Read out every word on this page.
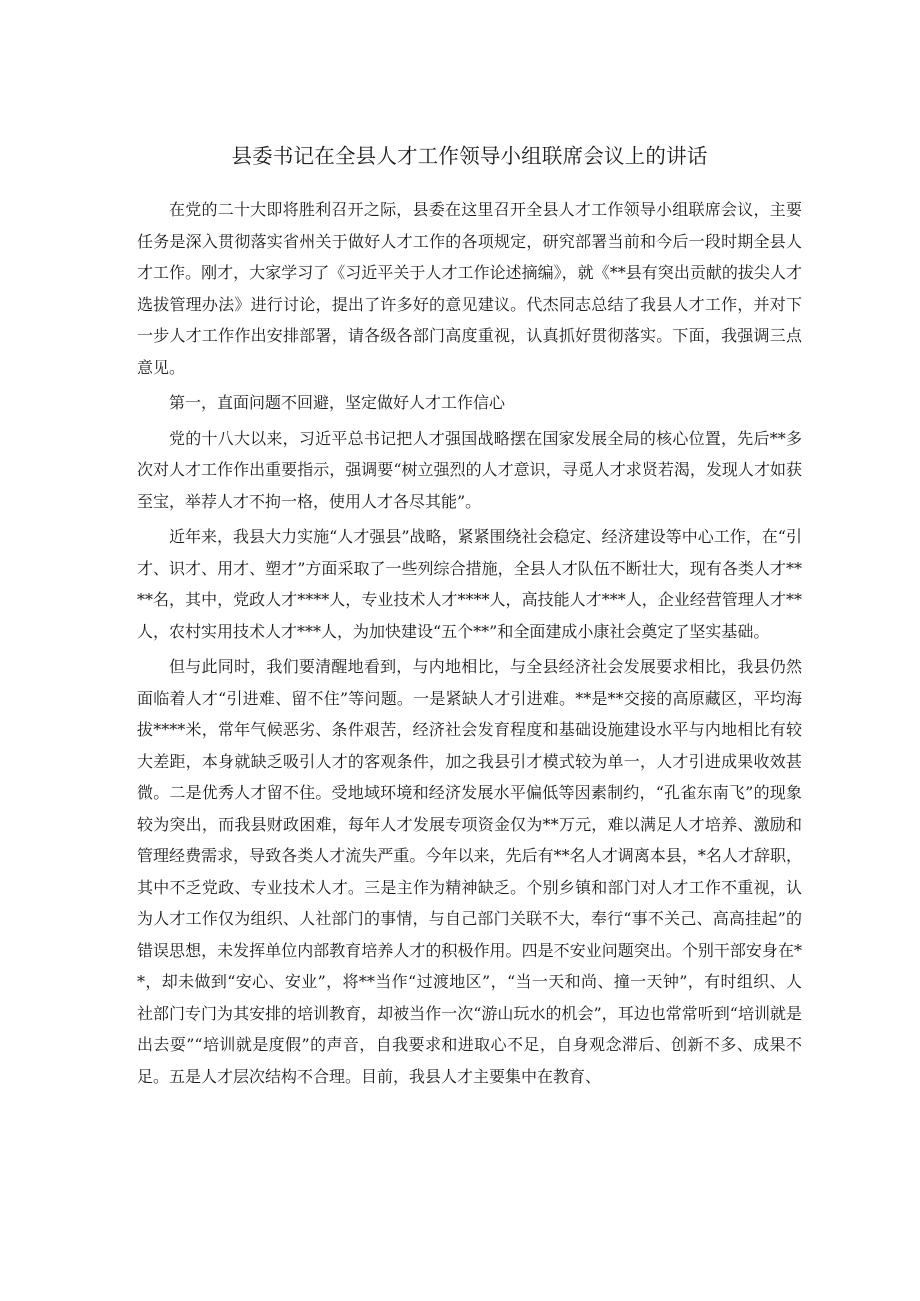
县委书记在全县人才工作领导小组联席会议上的讲话

在党的二十大即将胜利召开之际，县委在这里召开全县人才工作领导小组联席会议，主要任务是深入贯彻落实省州关于做好人才工作的各项规定，研究部署当前和今后一段时期全县人才工作。刚才，大家学习了《习近平关于人才工作论述摘编》，就《**县有突出贡献的拔尖人才选拔管理办法》进行讨论，提出了许多好的意见建议。代杰同志总结了我县人才工作，并对下一步人才工作作出安排部署，请各级各部门高度重视，认真抓好贯彻落实。下面，我强调三点意见。

第一，直面问题不回避，坚定做好人才工作信心

党的十八大以来，习近平总书记把人才强国战略摆在国家发展全局的核心位置，先后**多次对人才工作作出重要指示，强调要“树立强烈的人才意识，寻觅人才求贤若渴，发现人才如获至宝，举荐人才不拘一格，使用人才各尽其能”。

近年来，我县大力实施“人才强县”战略，紧紧围绕社会稳定、经济建设等中心工作，在“引才、识才、用才、塑才”方面采取了一些列综合措施，全县人才队伍不断壮大，现有各类人才****名，其中，党政人才****人，专业技术人才****人，高技能人才***人，企业经营管理人才**人，农村实用技术人才***人，为加快建设“五个**”和全面建成小康社会奠定了坚实基础。

但与此同时，我们要清醒地看到，与内地相比，与全县经济社会发展要求相比，我县仍然面临着人才“引进难、留不住”等问题。一是紧缺人才引进难。**是**交接的高原藏区，平均海拔****米，常年气候恶劣、条件艰苦，经济社会发育程度和基础设施建设水平与内地相比有较大差距，本身就缺乏吸引人才的客观条件，加之我县引才模式较为单一，人才引进成果收效甚微。二是优秀人才留不住。受地域环境和经济发展水平偏低等因素制约，“孔雀东南飞”的现象较为突出，而我县财政困难，每年人才发展专项资金仅为**万元，难以满足人才培养、激励和管理经费需求，导致各类人才流失严重。今年以来，先后有**名人才调离本县，*名人才辞职，其中不乏党政、专业技术人才。三是主作为精神缺乏。个别乡镇和部门对人才工作不重视，认为人才工作仅为组织、人社部门的事情，与自己部门关联不大，奉行“事不关己、高高挂起”的错误思想，未发挥单位内部教育培养人才的积极作用。四是不安业问题突出。个别干部安身在**，却未做到“安心、安业”，将**当作“过渡地区”，“当一天和尚、撞一天钟”，有时组织、人社部门专门为其安排的培训教育，却被当作一次“游山玩水的机会”，耳边也常常听到“培训就是出去耍”“培训就是度假”的声音，自我要求和进取心不足，自身观念滞后、创新不多、成果不足。五是人才层次结构不合理。目前，我县人才主要集中在教育、
